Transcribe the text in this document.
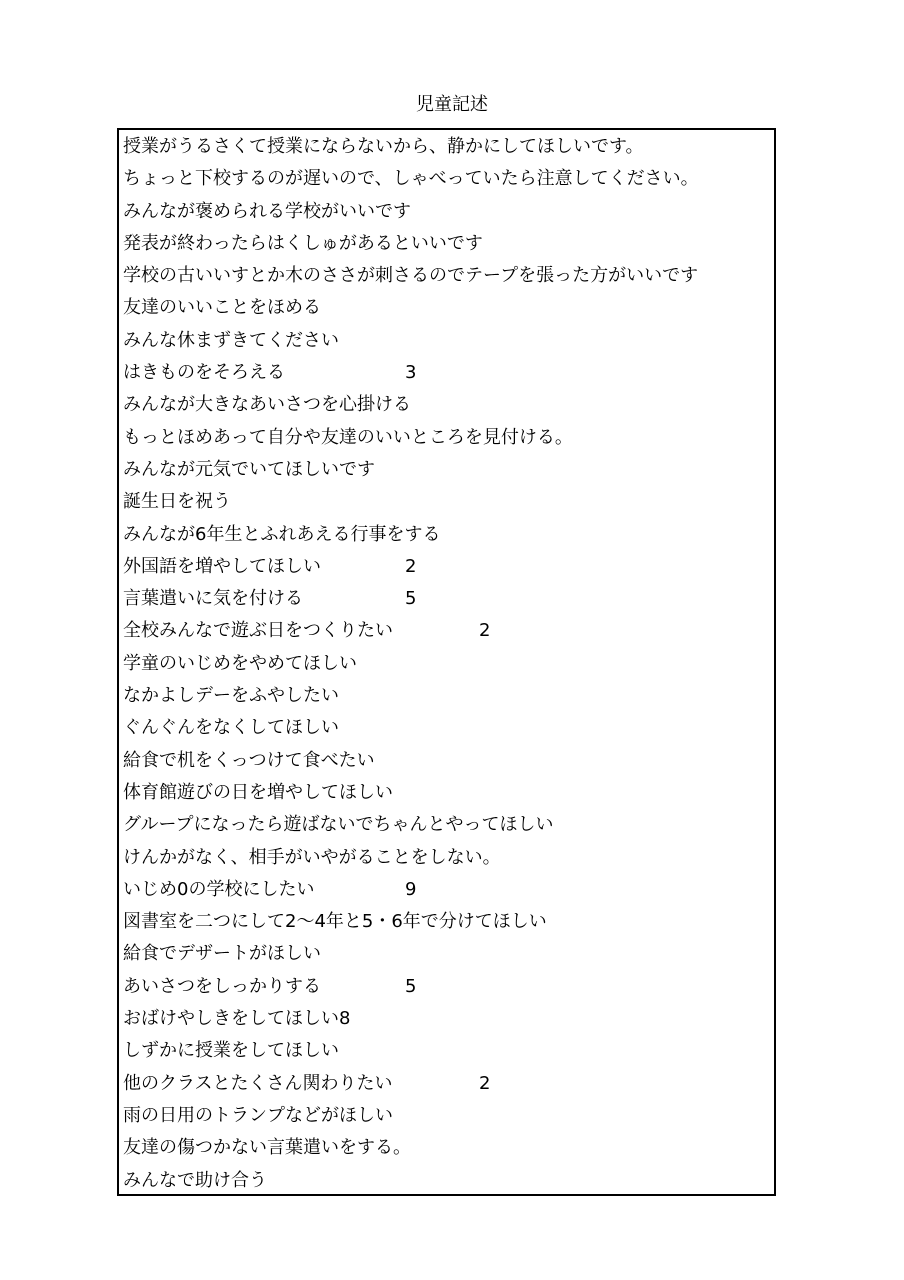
児童記述
授業がうるさくて授業にならないから、静かにしてほしいです。
ちょっと下校するのが遅いので、しゃべっていたら注意してください。
みんなが褒められる学校がいいです
発表が終わったらはくしゅがあるといいです
学校の古いいすとか木のささが刺さるのでテープを張った方がいいです
友達のいいことをほめる
みんな休まずきてください
はきものをそろえる	3
みんなが大きなあいさつを心掛ける
もっとほめあって自分や友達のいいところを見付ける。
みんなが元気でいてほしいです
誕生日を祝う
みんなが6年生とふれあえる行事をする
外国語を増やしてほしい	2
言葉遣いに気を付ける	5
全校みんなで遊ぶ日をつくりたい	2
学童のいじめをやめてほしい
なかよしデーをふやしたい
ぐんぐんをなくしてほしい
給食で机をくっつけて食べたい
体育館遊びの日を増やしてほしい
グループになったら遊ばないでちゃんとやってほしい
けんかがなく、相手がいやがることをしない。
いじめ0の学校にしたい	9
図書室を二つにして2～4年と5・6年で分けてほしい
給食でデザートがほしい
あいさつをしっかりする	5
おばけやしきをしてほしい8
しずかに授業をしてほしい
他のクラスとたくさん関わりたい	2
雨の日用のトランプなどがほしい
友達の傷つかない言葉遣いをする。
みんなで助け合う
